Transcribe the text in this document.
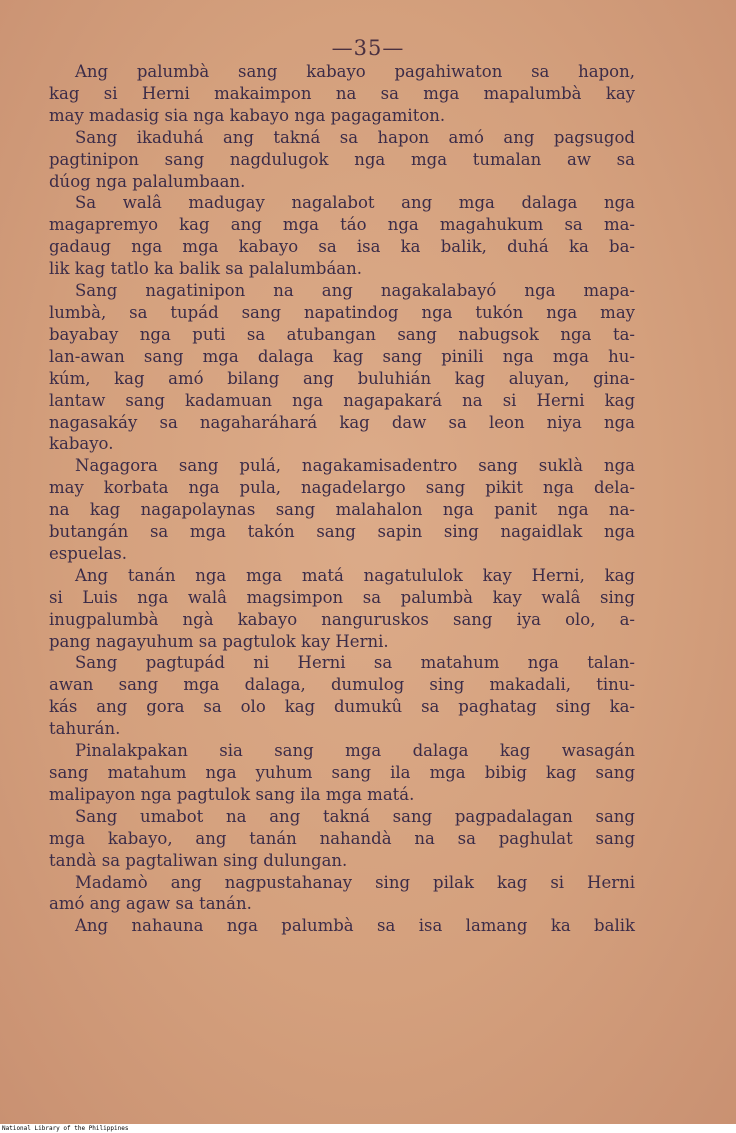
—35—
Ang palumbà sang kabayo pagahiwaton sa hapon,
kag si Herni makaimpon na sa mga mapalumbà kay
may madasig sia nga kabayo nga pagagamiton.
Sang ikaduhá ang takná sa hapon amó ang pagsugod
pagtinipon sang nagdulugok nga mga tumalan aw sa
dúog nga palalumbaan.
Sa walâ madugay nagalabot ang mga dalaga nga
magapremyo kag ang mga táo nga magahukum sa ma-
gadaug nga mga kabayo sa isa ka balik, duhá ka ba-
lik kag tatlo ka balik sa palalumbáan.
Sang nagatinipon na ang nagakalabayó nga mapa-
lumbà, sa tupád sang napatindog nga tukón nga may
bayabay nga puti sa atubangan sang nabugsok nga ta-
lan-awan sang mga dalaga kag sang pinili nga mga hu-
kúm, kag amó bilang ang buluhián kag aluyan, gina-
lantaw sang kadamuan nga nagapakará na si Herni kag
nagasakáy sa nagaharáhará kag daw sa leon niya nga
kabayo.
Nagagora sang pulá, nagakamisadentro sang suklà nga
may korbata nga pula, nagadelargo sang pikit nga dela-
na kag nagapolaynas sang malahalon nga panit nga na-
butangán sa mga takón sang sapin sing nagaidlak nga
espuelas.
Ang tanán nga mga matá nagatululok kay Herni, kag
si Luis nga walâ magsimpon sa palumbà kay walâ sing
inugpalumbà ngà kabayo nanguruskos sang iya olo, a-
pang nagayuhum sa pagtulok kay Herni.
Sang pagtupád ni Herni sa matahum nga talan-
awan sang mga dalaga, dumulog sing makadali, tinu-
kás ang gora sa olo kag dumukû sa paghatag sing ka-
tahurán.
Pinalakpakan sia sang mga dalaga kag wasagán
sang matahum nga yuhum sang ila mga bibig kag sang
malipayon nga pagtulok sang ila mga matá.
Sang umabot na ang takná sang pagpadalagan sang
mga kabayo, ang tanán nahandà na sa paghulat sang
tandà sa pagtaliwan sing dulungan.
Madamò ang nagpustahanay sing pilak kag si Herni
amó ang agaw sa tanán.
Ang nahauna nga palumbà sa isa lamang ka balik
National Library of the Philippines
